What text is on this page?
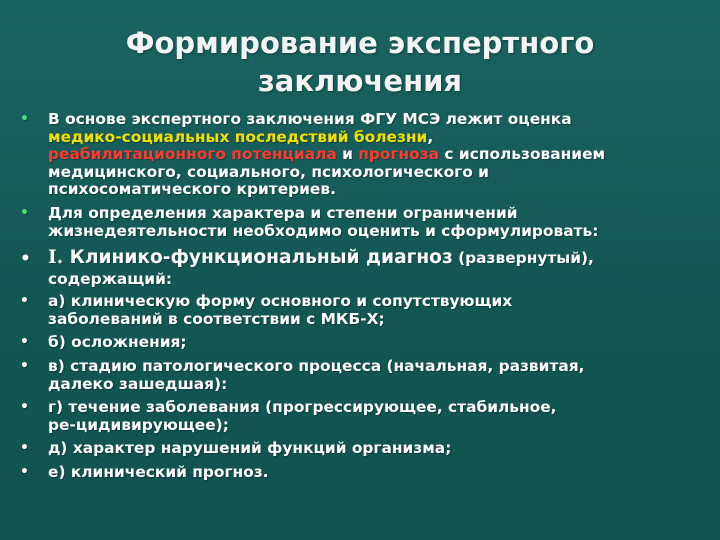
Формирование экспертного
заключения
• В основе экспертного заключения ФГУ МСЭ лежит оценка
медико-социальных последствий болезни,
реабилитационного потенциала и прогноза с использованием
медицинского, социального, психологического и
психосоматического критериев.
• Для определения характера и степени ограничений
жизнедеятельности необходимо оценить и сформулировать:
• I. Клинико-функциональный диагноз (развернутый),
содержащий:
• а) клиническую форму основного и сопутствующих
заболеваний в соответствии с МКБ-Х;
• б) осложнения;
• в) стадию патологического процесса (начальная, развитая,
далеко зашедшая):
• г) течение заболевания (прогрессирующее, стабильное,
ре-цидивирующее);
• д) характер нарушений функций организма;
• е) клинический прогноз.
